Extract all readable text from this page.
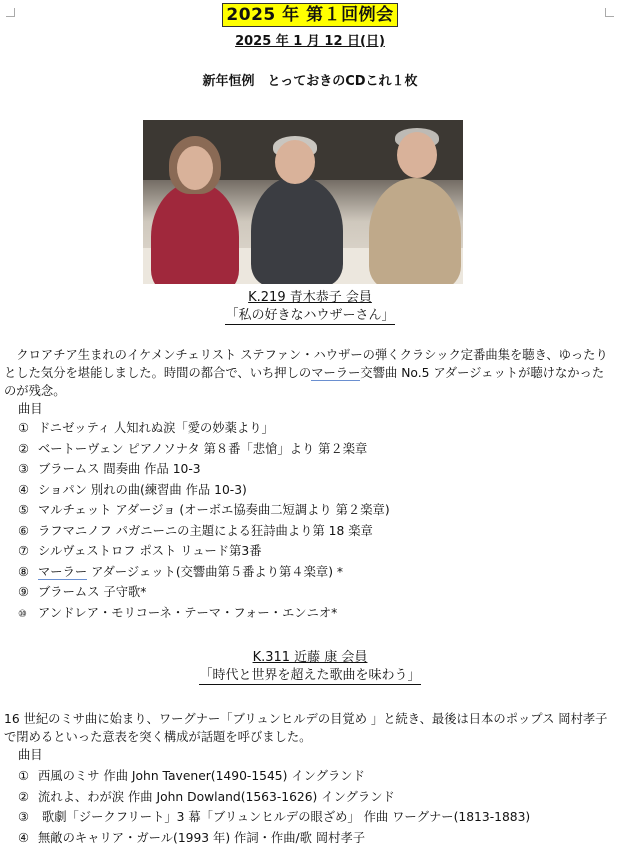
2025 年 第１回例会
2025 年 1 月 12 日(日)
新年恒例　とっておきのCDこれ１枚
K.219 青木恭子 会員
「私の好きなハウザーさん」
　クロアチア生まれのイケメンチェリスト ステファン・ハウザーの弾くクラシック定番曲集を聴き、ゆったりとした気分を堪能しました。時間の都合で、いち押しのマーラー交響曲 No.5 アダージェットが聴けなかったのが残念。
曲目
① ドニゼッティ 人知れぬ涙「愛の妙薬より」
② ベートーヴェン ピアノソナタ 第８番「悲愴」より 第２楽章
③ ブラームス 間奏曲 作品 10-3
④ ショパン 別れの曲(練習曲 作品 10-3)
⑤ マルチェット アダージョ (オーボエ協奏曲二短調より 第２楽章)
⑥ ラフマニノフ パガニーニの主題による狂詩曲より第 18 楽章
⑦ シルヴェストロフ ポスト リュード第3番
⑧ マーラー アダージェット(交響曲第５番より第４楽章) *
⑨ ブラームス 子守歌*
⑩ アンドレア・モリコーネ・テーマ・フォー・エンニオ*
K.311 近藤 康 会員
「時代と世界を超えた歌曲を味わう」
16 世紀のミサ曲に始まり、ワーグナー「ブリュンヒルデの目覚め 」と続き、最後は日本のポップス 岡村孝子で閉めるといった意表を突く構成が話題を呼びました。
曲目
① 西風のミサ 作曲 John Tavener(1490-1545) イングランド
② 流れよ、わが涙 作曲 John Dowland(1563-1626) イングランド
③ 歌劇「ジークフリート」3 幕「ブリュンヒルデの眼ざめ」 作曲 ワーグナー(1813-1883)
④ 無敵のキャリア・ガール(1993 年) 作詞・作曲/歌 岡村孝子
